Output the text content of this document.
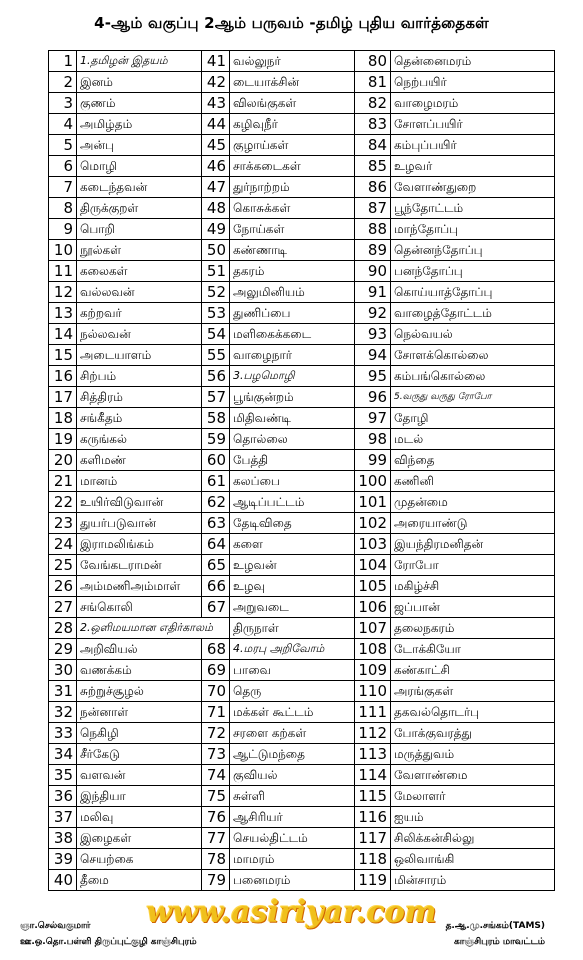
4-ஆம் வகுப்பு 2ஆம் பருவம் -தமிழ் புதிய வார்த்தைகள்
1	1.தமிழன் இதயம்	41	வல்லுநர்	80	தென்னைமரம்
2	இனம்	42	டையாக்சின்	81	நெற்பயிர்
3	குணம்	43	விலங்குகள்	82	வாழைமரம்
4	அமிழ்தம்	44	கழிவுநீர்	83	சோளப்பயிர்
5	அன்பு	45	குழாய்கள்	84	கம்புப்பயிர்
6	மொழி	46	சாக்கடைகள்	85	உழவர்
7	கடைந்தவன்	47	துர்நாற்றம்	86	வேளாண்துறை
8	திருக்குறள்	48	கொசுக்கள்	87	பூந்தோட்டம்
9	பொறி	49	நோய்கள்	88	மாந்தோப்பு
10	நூல்கள்	50	கண்ணாடி	89	தென்னந்தோப்பு
11	கலைகள்	51	தகரம்	90	பனந்தோப்பு
12	வல்லவன்	52	அலுமினியம்	91	கொய்யாத்தோப்பு
13	கற்றவர்	53	துணிப்பை	92	வாழைத்தோட்டம்
14	நல்லவன்	54	மளிகைக்கடை	93	நெல்வயல்
15	அடையாளம்	55	வாழைநார்	94	சோளக்கொல்லை
16	சிற்பம்	56	3.பழமொழி	95	கம்பங்கொல்லை
17	சித்திரம்	57	பூங்குன்றம்	96	5.வருது வருது ரோபோ
18	சங்கீதம்	58	மிதிவண்டி	97	தோழி
19	கருங்கல்	59	தொல்லை	98	மடல்
20	களிமண்	60	பேத்தி	99	விந்தை
21	மானம்	61	கலப்பை	100	கணினி
22	உயிர்விடுவான்	62	ஆடிப்பட்டம்	101	முதன்மை
23	துயர்படுவான்	63	தேடிவிதை	102	அரையாண்டு
24	இராமலிங்கம்	64	களை	103	இயந்திரமனிதன்
25	வேங்கடராமன்	65	உழவன்	104	ரோபோ
26	அம்மணிஅம்மாள்	66	உழவு	105	மகிழ்ச்சி
27	சங்கொலி	67	அறுவடை	106	ஜப்பான்
28	2.ஒளிமயமான எதிர்காலம்		திருநாள்	107	தலைநகரம்
29	அறிவியல்	68	4.மரபு அறிவோம்	108	டோக்கியோ
30	வணக்கம்	69	பாவை	109	கண்காட்சி
31	சுற்றுச்சூழல்	70	தெரு	110	அரங்குகள்
32	நன்னாள்	71	மக்கள் கூட்டம்	111	தகவல்தொடர்பு
33	நெகிழி	72	சரளை கற்கள்	112	போக்குவரத்து
34	சீர்கேடு	73	ஆட்டுமந்தை	113	மருத்துவம்
35	வளவன்	74	குவியல்	114	வேளாண்மை
36	இந்தியா	75	சுள்ளி	115	மேலாளர்
37	மலிவு	76	ஆசிரியர்	116	ஐயம்
38	இழைகள்	77	செயல்திட்டம்	117	சிலிக்கன்சில்லு
39	செயற்கை	78	மாமரம்	118	ஒலிவாங்கி
40	தீமை	79	பனைமரம்	119	மின்சாரம்
www.asiriyar.com
ஞா.செல்வகுமார்
ஊ.ஒ.தொ.பள்ளி திருப்புட்குழி காஞ்சிபுரம்
த.ஆ.மு.சங்கம்(TAMS)
காஞ்சிபுரம் மாவட்டம்
